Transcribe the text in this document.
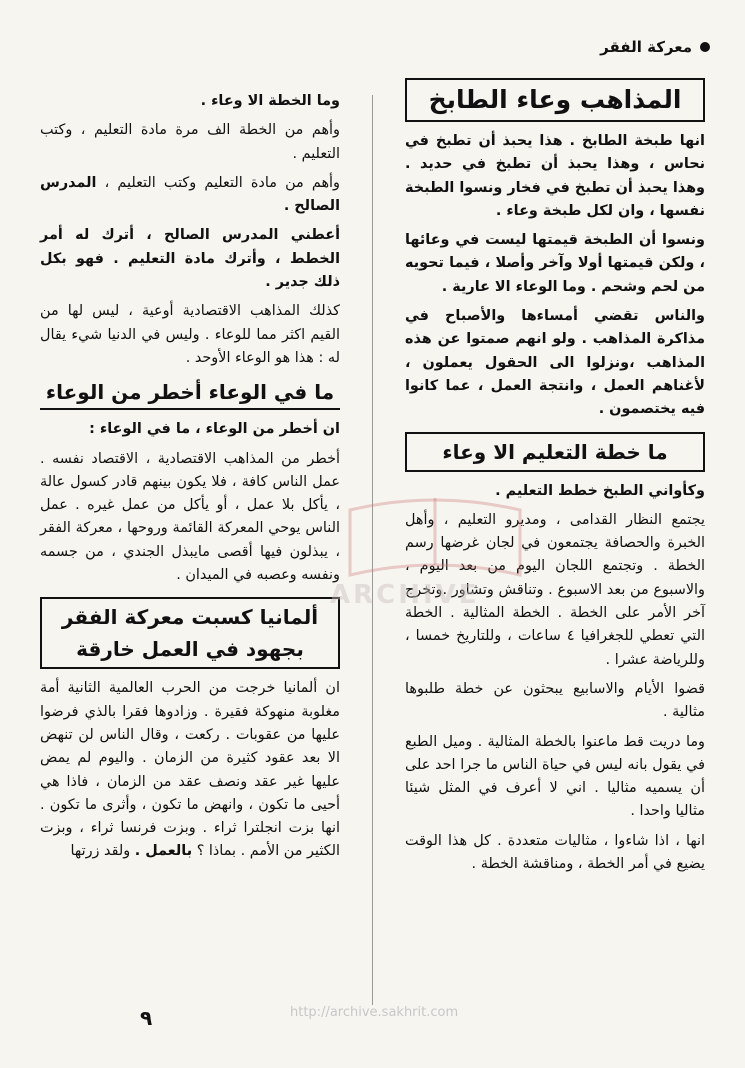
معركة الفقر
المذاهب وعاء الطابخ

انها طبخة الطابخ . هذا يحبذ أن تطبخ في نحاس ، وهذا يحبذ أن تطبخ في حديد . وهذا يحبذ أن تطبخ في فخار ونسوا الطبخة نفسها ، وان لكل طبخة وعاء .

ونسوا أن الطبخة قيمتها ليست في وعائها ، ولكن قيمتها أولا وآخر وأصلا ، فيما تحويه من لحم وشحم . وما الوعاء الا عارية .

والناس تقضي أمساءها والأصباح في مذاكرة المذاهب . ولو انهم صمتوا عن هذه المذاهب ،ونزلوا الى الحقول يعملون ، لأغناهم العمل ، وانتجة العمل ، عما كانوا فيه يختصمون .

ما خطة التعليم الا وعاء

وكأواني الطبخ خطط التعليم .

يجتمع النظار القدامى ، ومديرو التعليم ، وأهل الخبرة والحصافة يجتمعون في لجان غرضها رسم الخطة . وتجتمع اللجان اليوم من بعد اليوم ، والاسبوع من بعد الاسبوع . وتناقش وتشاور .وتخرج آخر الأمر على الخطة . الخطة المثالية . الخطة التي تعطي للجغرافيا ٤ ساعات ، وللتاريخ خمسا ، وللرياضة عشرا .

قضوا الأيام والاسابيع يبحثون عن خطة طلبوها مثالية .

وما دريت قط ماعنوا بالخطة المثالية . وميل الطبع في يقول بانه ليس في حياة الناس ما جرا احد على أن يسميه مثاليا . اني لا أعرف في المثل شيئا مثاليا واحدا .

انها ، اذا شاءوا ، مثاليات متعددة . كل هذا الوقت يضيع في أمر الخطة ، ومناقشة الخطة .

وما الخطة الا وعاء .

وأهم من الخطة الف مرة مادة التعليم ، وكتب التعليم .

وأهم من مادة التعليم وكتب التعليم ، المدرس الصالح .

أعطني المدرس الصالح ، أترك له أمر الخطط ، وأترك مادة التعليم . فهو بكل ذلك جدير .

كذلك المذاهب الاقتصادية أوعية ، ليس لها من القيم اكثر مما للوعاء . وليس في الدنيا شيء يقال له : هذا هو الوعاء الأوحد .

ما في الوعاء أخطر من الوعاء

ان أخطر من الوعاء ، ما في الوعاء :

أخطر من المذاهب الاقتصادية ، الاقتصاد نفسه . عمل الناس كافة ، فلا يكون بينهم قادر كسول عالة ، يأكل بلا عمل ، أو يأكل من عمل غيره . عمل الناس يوحي المعركة القائمة وروحها ، معركة الفقر ، يبذلون فيها أقصى مايبذل الجندي ، من جسمه ونفسه وعصبه في الميدان .

ألمانيا كسبت معركة الفقر
بجهود في العمل خارقة

ان ألمانيا خرجت من الحرب العالمية الثانية أمة مغلوبة منهوكة فقيرة . وزادوها فقرا بالذي فرضوا عليها من عقوبات . ركعت ، وقال الناس لن تنهض الا بعد عقود كثيرة من الزمان . واليوم لم يمض عليها غير عقد ونصف عقد من الزمان ، فاذا هي أحيى ما تكون ، وانهض ما تكون ، وأثرى ما تكون . انها بزت انجلترا ثراء . وبزت فرنسا ثراء ، وبزت الكثير من الأمم . بماذا ؟ بالعمل . ولقد زرتها

ARCHIVE
http://archive.sakhrit.com
٩
